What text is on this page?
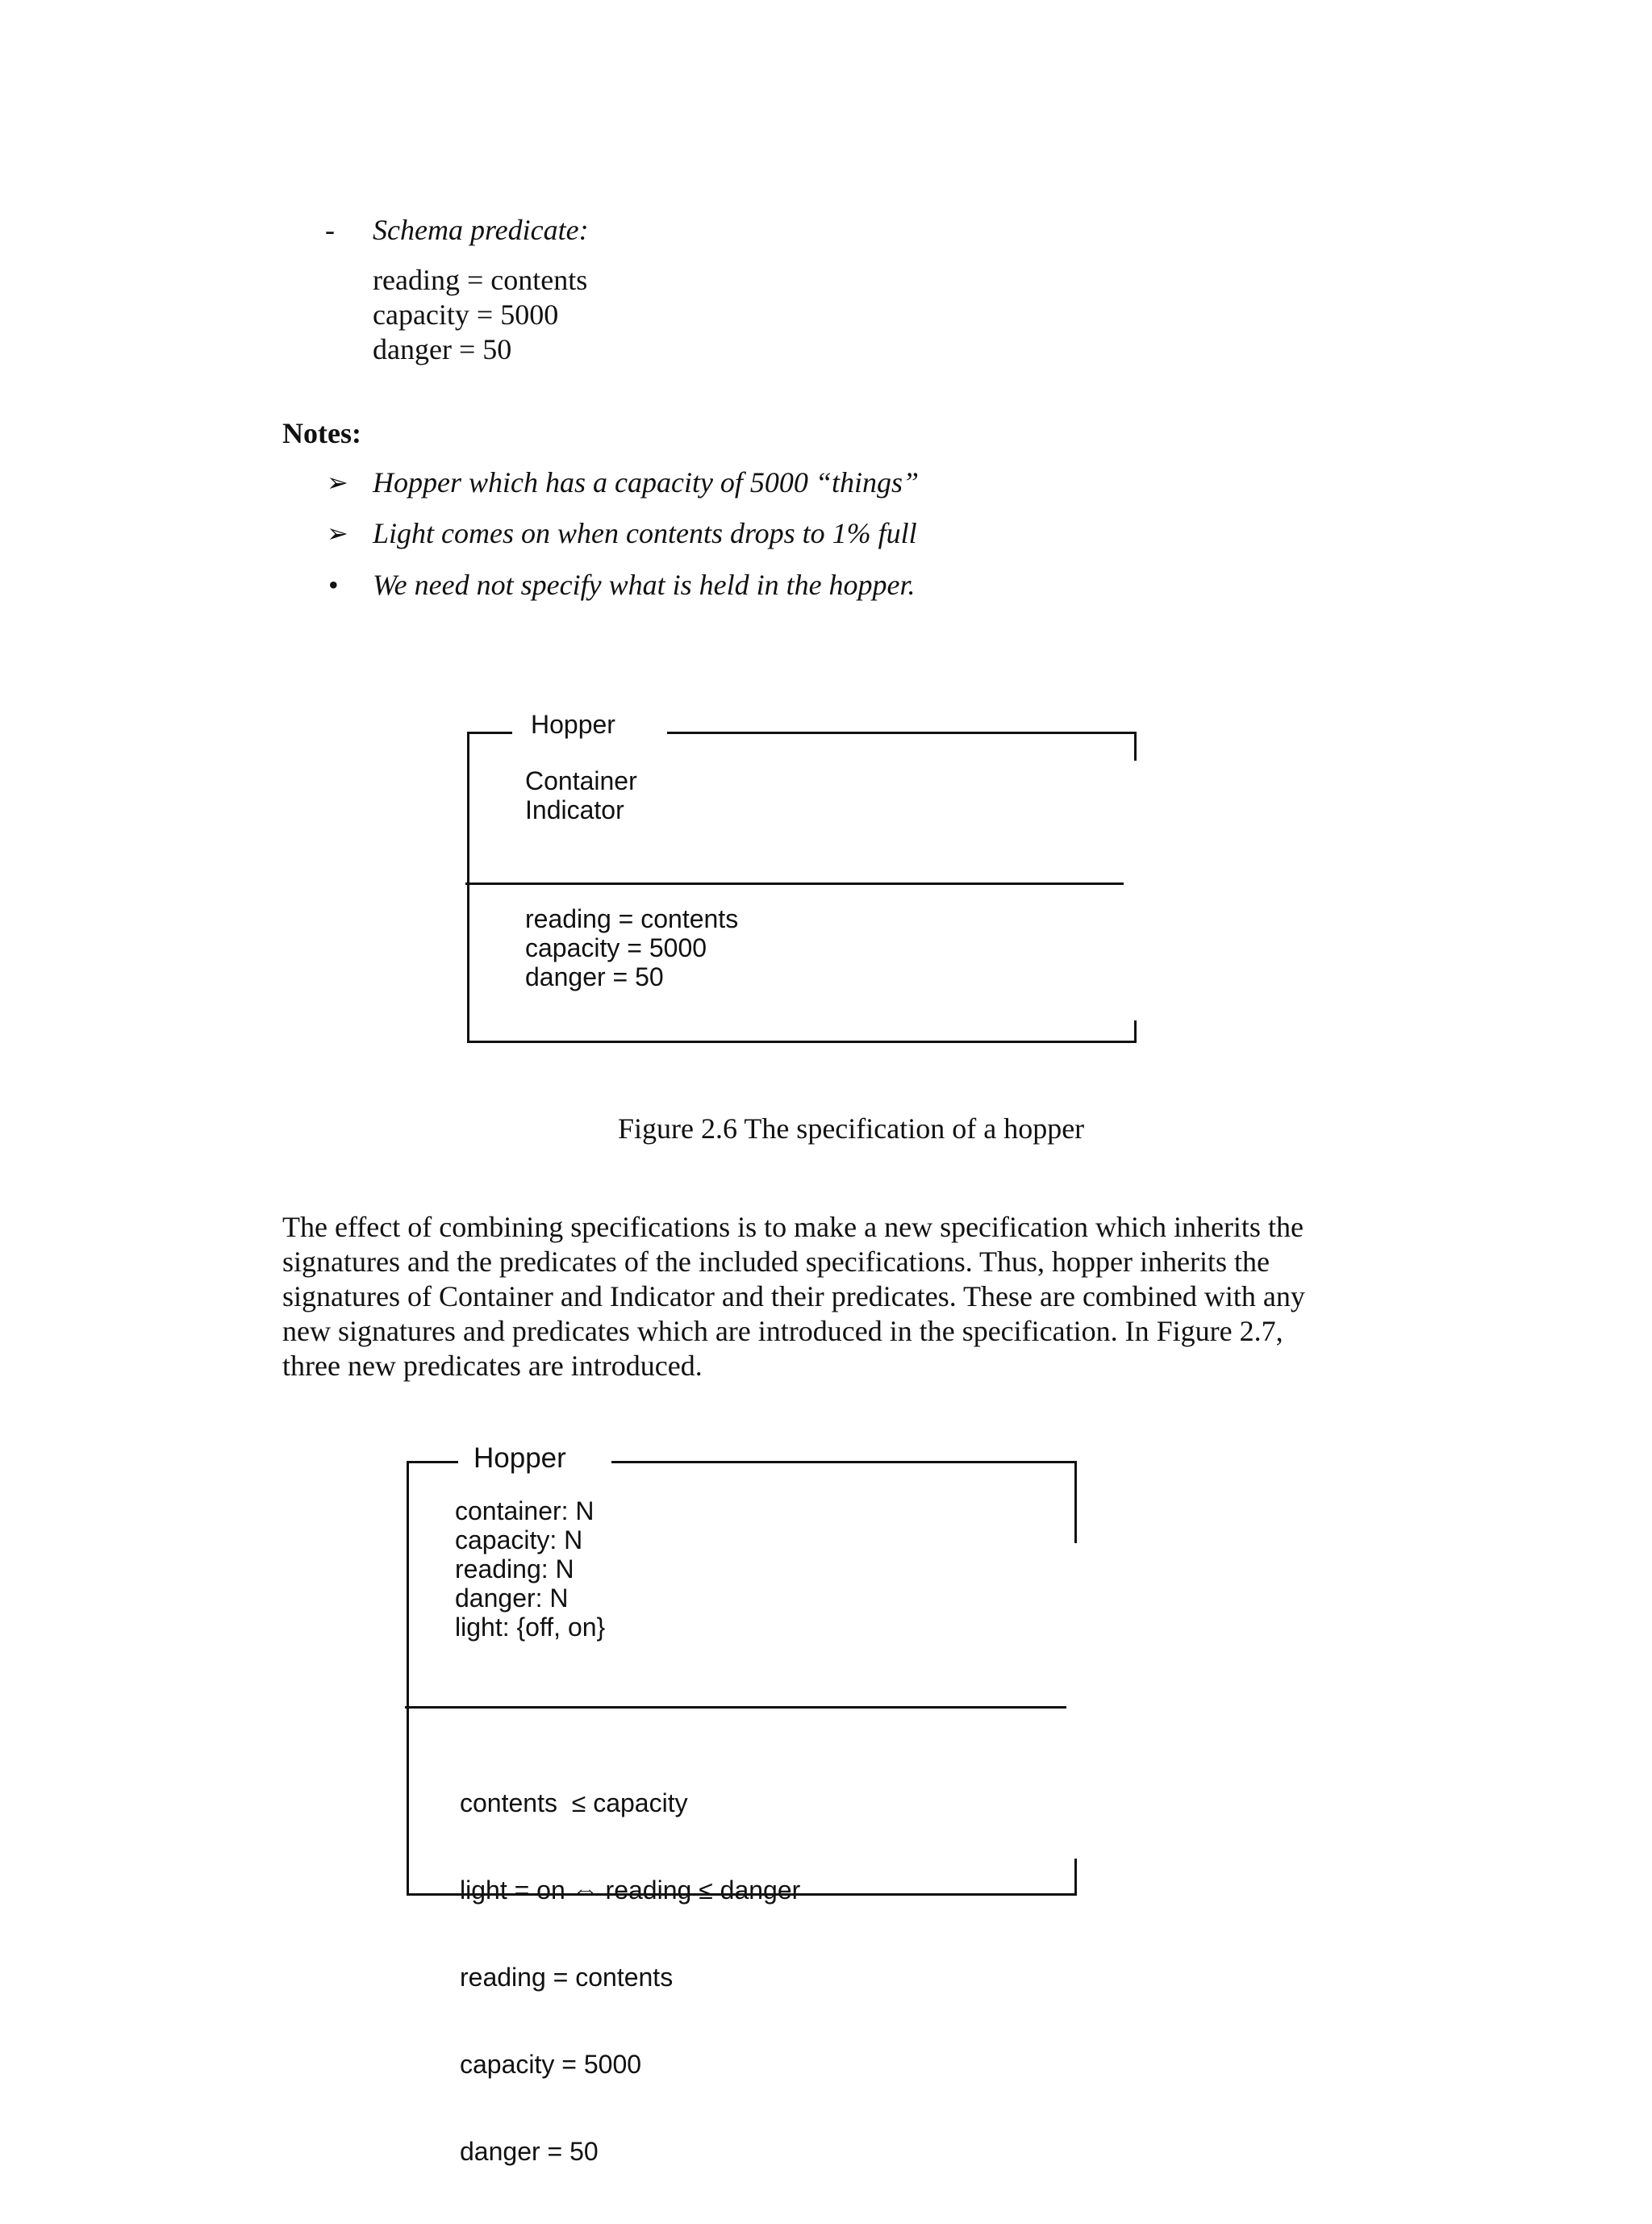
- Schema predicate:
reading = contents
capacity = 5000
danger = 50
Notes:
➢ Hopper which has a capacity of 5000 “things”
➢ Light comes on when contents drops to 1% full
• We need not specify what is held in the hopper.
Hopper
Container
Indicator
reading = contents
capacity = 5000
danger = 50
Figure 2.6 The specification of a hopper
The effect of combining specifications is to make a new specification which inherits the
signatures and the predicates of the included specifications. Thus, hopper inherits the
signatures of Container and Indicator and their predicates. These are combined with any
new signatures and predicates which are introduced in the specification. In Figure 2.7,
three new predicates are introduced.
Hopper
container: N
capacity: N
reading: N
danger: N
light: {off, on}

contents  ≤ capacity

light = on ⇔ reading ≤ danger

reading = contents

capacity = 5000

danger = 50
